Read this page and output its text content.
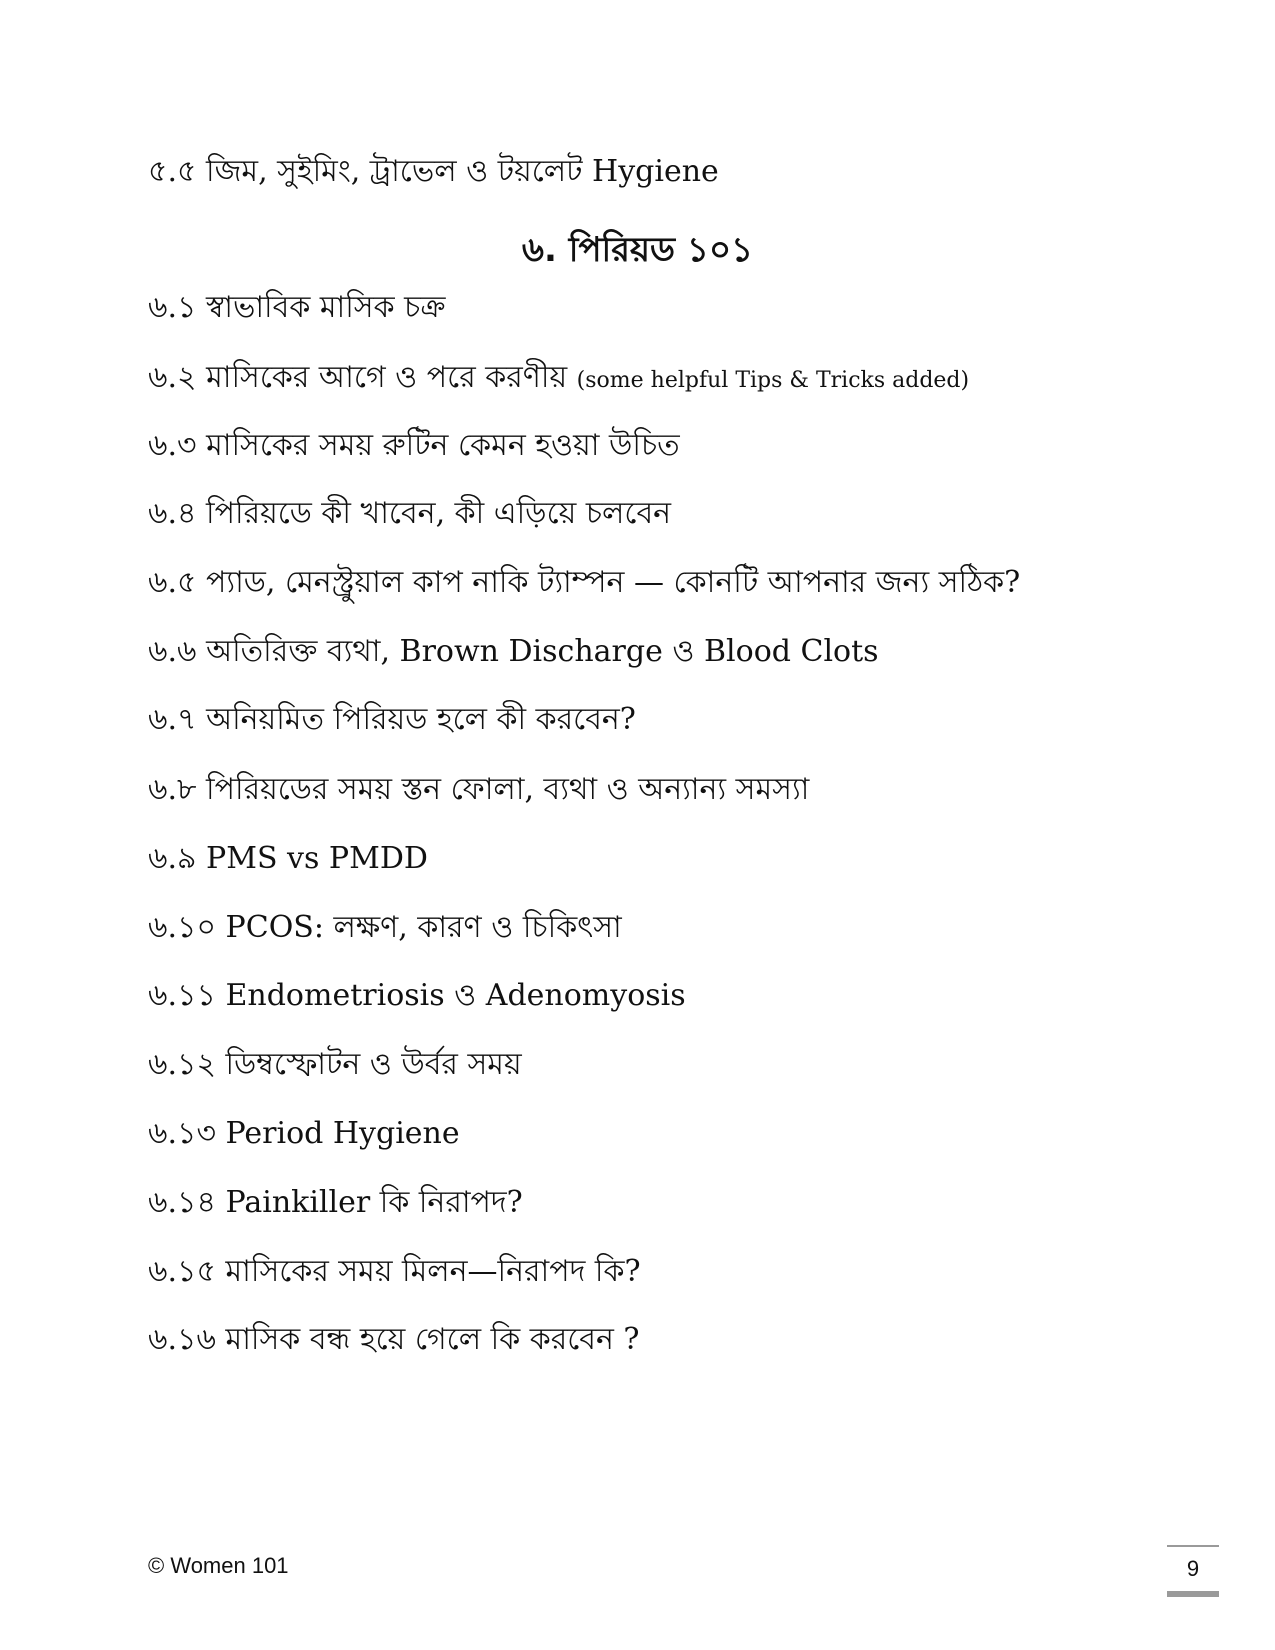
৫.৫ জিম, সুইমিং, ট্রাভেল ও টয়লেট Hygiene
৬. পিরিয়ড ১০১
৬.১ স্বাভাবিক মাসিক চক্র
৬.২ মাসিকের আগে ও পরে করণীয় (some helpful Tips & Tricks added)
৬.৩ মাসিকের সময় রুটিন কেমন হওয়া উচিত
৬.৪ পিরিয়ডে কী খাবেন, কী এড়িয়ে চলবেন
৬.৫ প্যাড, মেনস্ট্রুয়াল কাপ নাকি ট্যাম্পন — কোনটি আপনার জন্য সঠিক?
৬.৬ অতিরিক্ত ব্যথা, Brown Discharge ও Blood Clots
৬.৭ অনিয়মিত পিরিয়ড হলে কী করবেন?
৬.৮ পিরিয়ডের সময় স্তন ফোলা, ব্যথা ও অন্যান্য সমস্যা
৬.৯ PMS vs PMDD
৬.১০ PCOS: লক্ষণ, কারণ ও চিকিৎসা
৬.১১ Endometriosis ও Adenomyosis
৬.১২ ডিম্বস্ফোটন ও উর্বর সময়
৬.১৩ Period Hygiene
৬.১৪ Painkiller কি নিরাপদ?
৬.১৫ মাসিকের সময় মিলন—নিরাপদ কি?
৬.১৬ মাসিক বন্ধ হয়ে গেলে কি করবেন ?
© Women 101	9
